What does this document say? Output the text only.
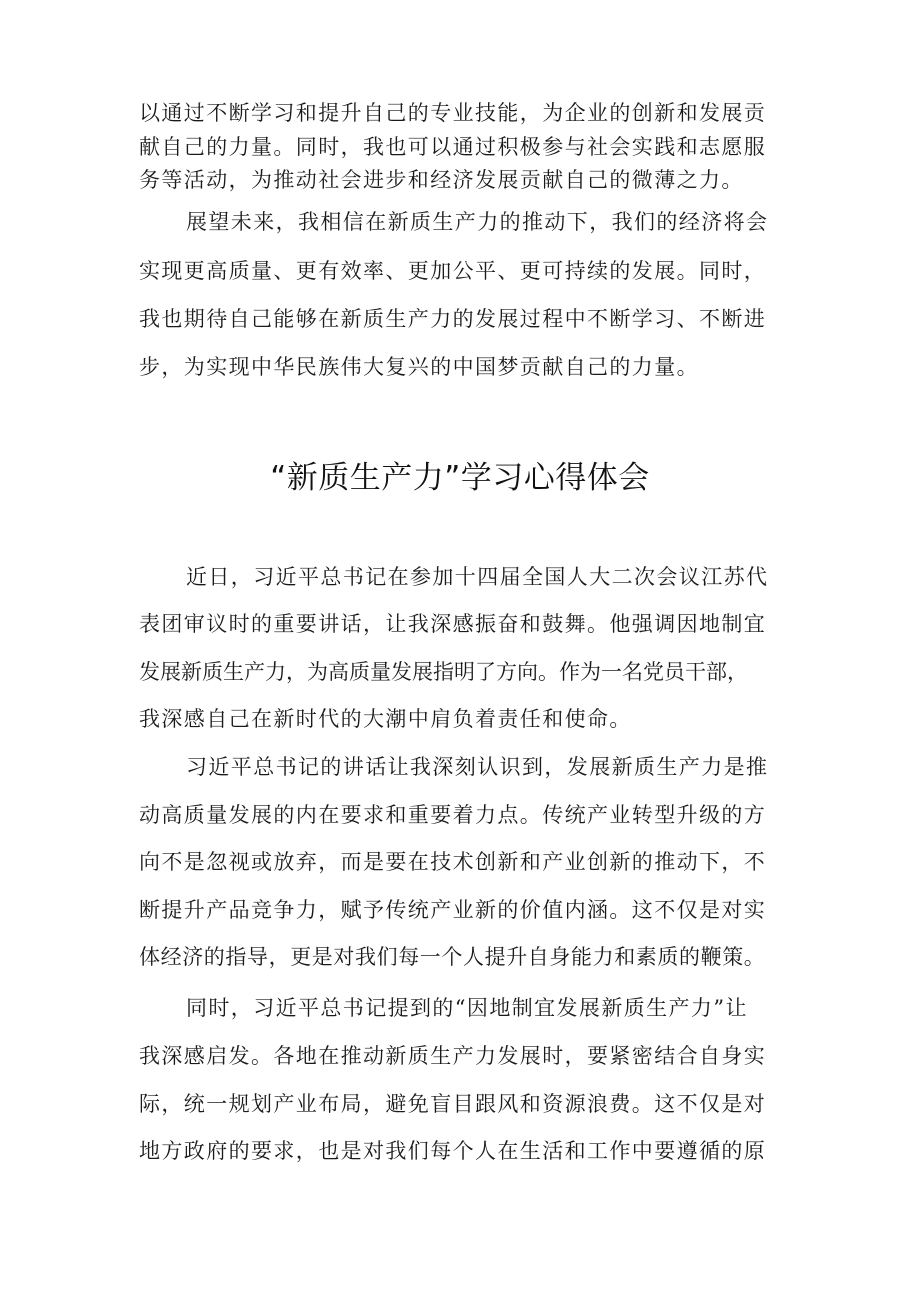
以通过不断学习和提升自己的专业技能，为企业的创新和发展贡
献自己的力量。同时，我也可以通过积极参与社会实践和志愿服
务等活动，为推动社会进步和经济发展贡献自己的微薄之力。
展望未来，我相信在新质生产力的推动下，我们的经济将会
实现更高质量、更有效率、更加公平、更可持续的发展。同时，
我也期待自己能够在新质生产力的发展过程中不断学习、不断进
步，为实现中华民族伟大复兴的中国梦贡献自己的力量。
“新质生产力”学习心得体会
近日，习近平总书记在参加十四届全国人大二次会议江苏代
表团审议时的重要讲话，让我深感振奋和鼓舞。他强调因地制宜
发展新质生产力，为高质量发展指明了方向。作为一名党员干部，
我深感自己在新时代的大潮中肩负着责任和使命。
习近平总书记的讲话让我深刻认识到，发展新质生产力是推
动高质量发展的内在要求和重要着力点。传统产业转型升级的方
向不是忽视或放弃，而是要在技术创新和产业创新的推动下，不
断提升产品竞争力，赋予传统产业新的价值内涵。这不仅是对实
体经济的指导，更是对我们每一个人提升自身能力和素质的鞭策。
同时，习近平总书记提到的“因地制宜发展新质生产力”让
我深感启发。各地在推动新质生产力发展时，要紧密结合自身实
际，统一规划产业布局，避免盲目跟风和资源浪费。这不仅是对
地方政府的要求，也是对我们每个人在生活和工作中要遵循的原
